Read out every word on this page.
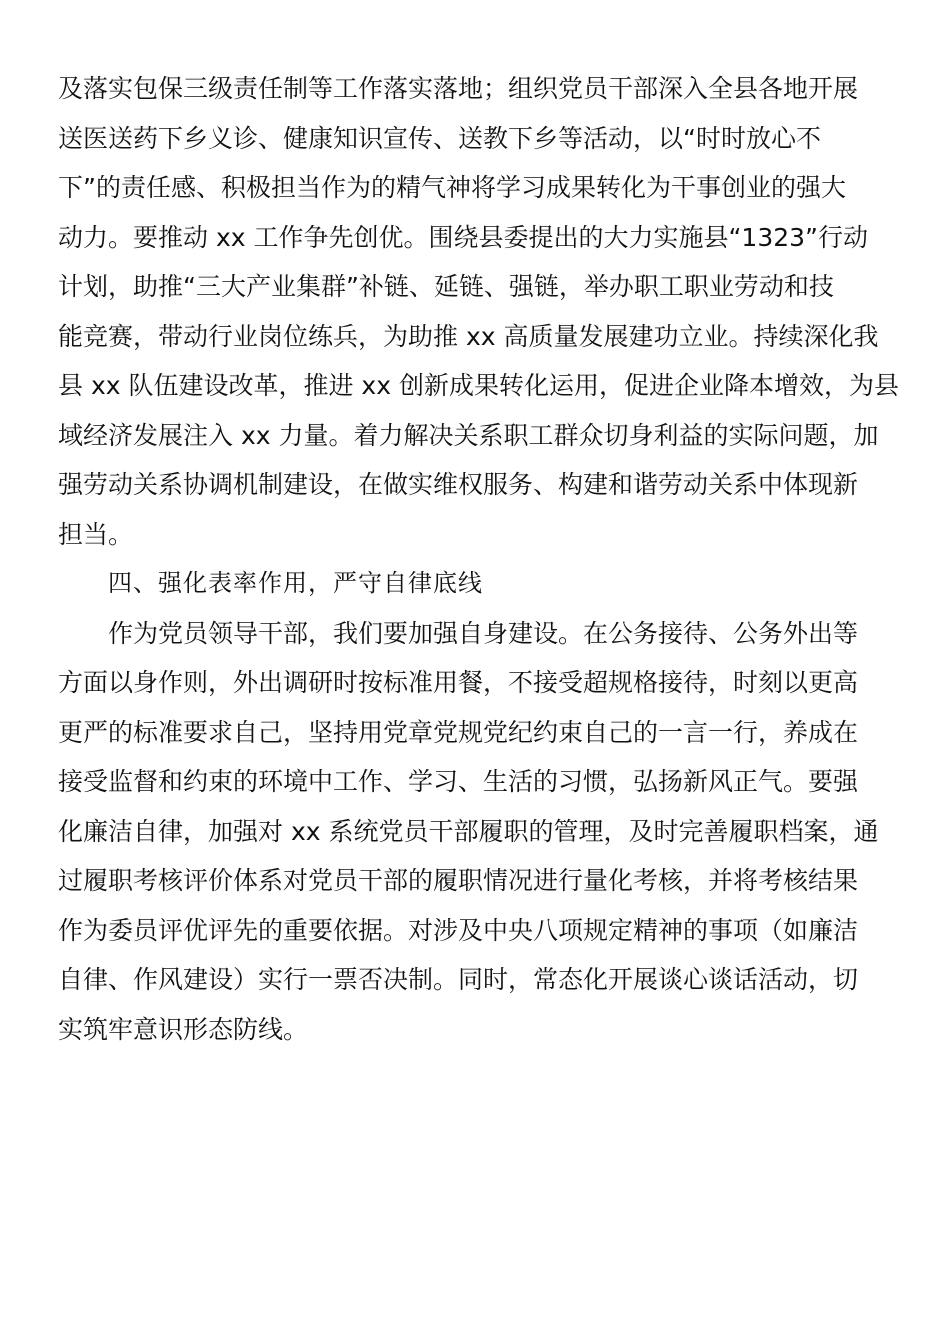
及落实包保三级责任制等工作落实落地；组织党员干部深入全县各地开展
送医送药下乡义诊、健康知识宣传、送教下乡等活动，以“时时放心不
下”的责任感、积极担当作为的精气神将学习成果转化为干事创业的强大
动力。要推动 xx 工作争先创优。围绕县委提出的大力实施县“1323”行动
计划，助推“三大产业集群”补链、延链、强链，举办职工职业劳动和技
能竞赛，带动行业岗位练兵，为助推 xx 高质量发展建功立业。持续深化我
县 xx 队伍建设改革，推进 xx 创新成果转化运用，促进企业降本增效，为县
域经济发展注入 xx 力量。着力解决关系职工群众切身利益的实际问题，加
强劳动关系协调机制建设，在做实维权服务、构建和谐劳动关系中体现新
担当。
四、强化表率作用，严守自律底线
作为党员领导干部，我们要加强自身建设。在公务接待、公务外出等
方面以身作则，外出调研时按标准用餐，不接受超规格接待，时刻以更高
更严的标准要求自己，坚持用党章党规党纪约束自己的一言一行，养成在
接受监督和约束的环境中工作、学习、生活的习惯，弘扬新风正气。要强
化廉洁自律，加强对 xx 系统党员干部履职的管理，及时完善履职档案，通
过履职考核评价体系对党员干部的履职情况进行量化考核，并将考核结果
作为委员评优评先的重要依据。对涉及中央八项规定精神的事项（如廉洁
自律、作风建设）实行一票否决制。同时，常态化开展谈心谈话活动，切
实筑牢意识形态防线。
